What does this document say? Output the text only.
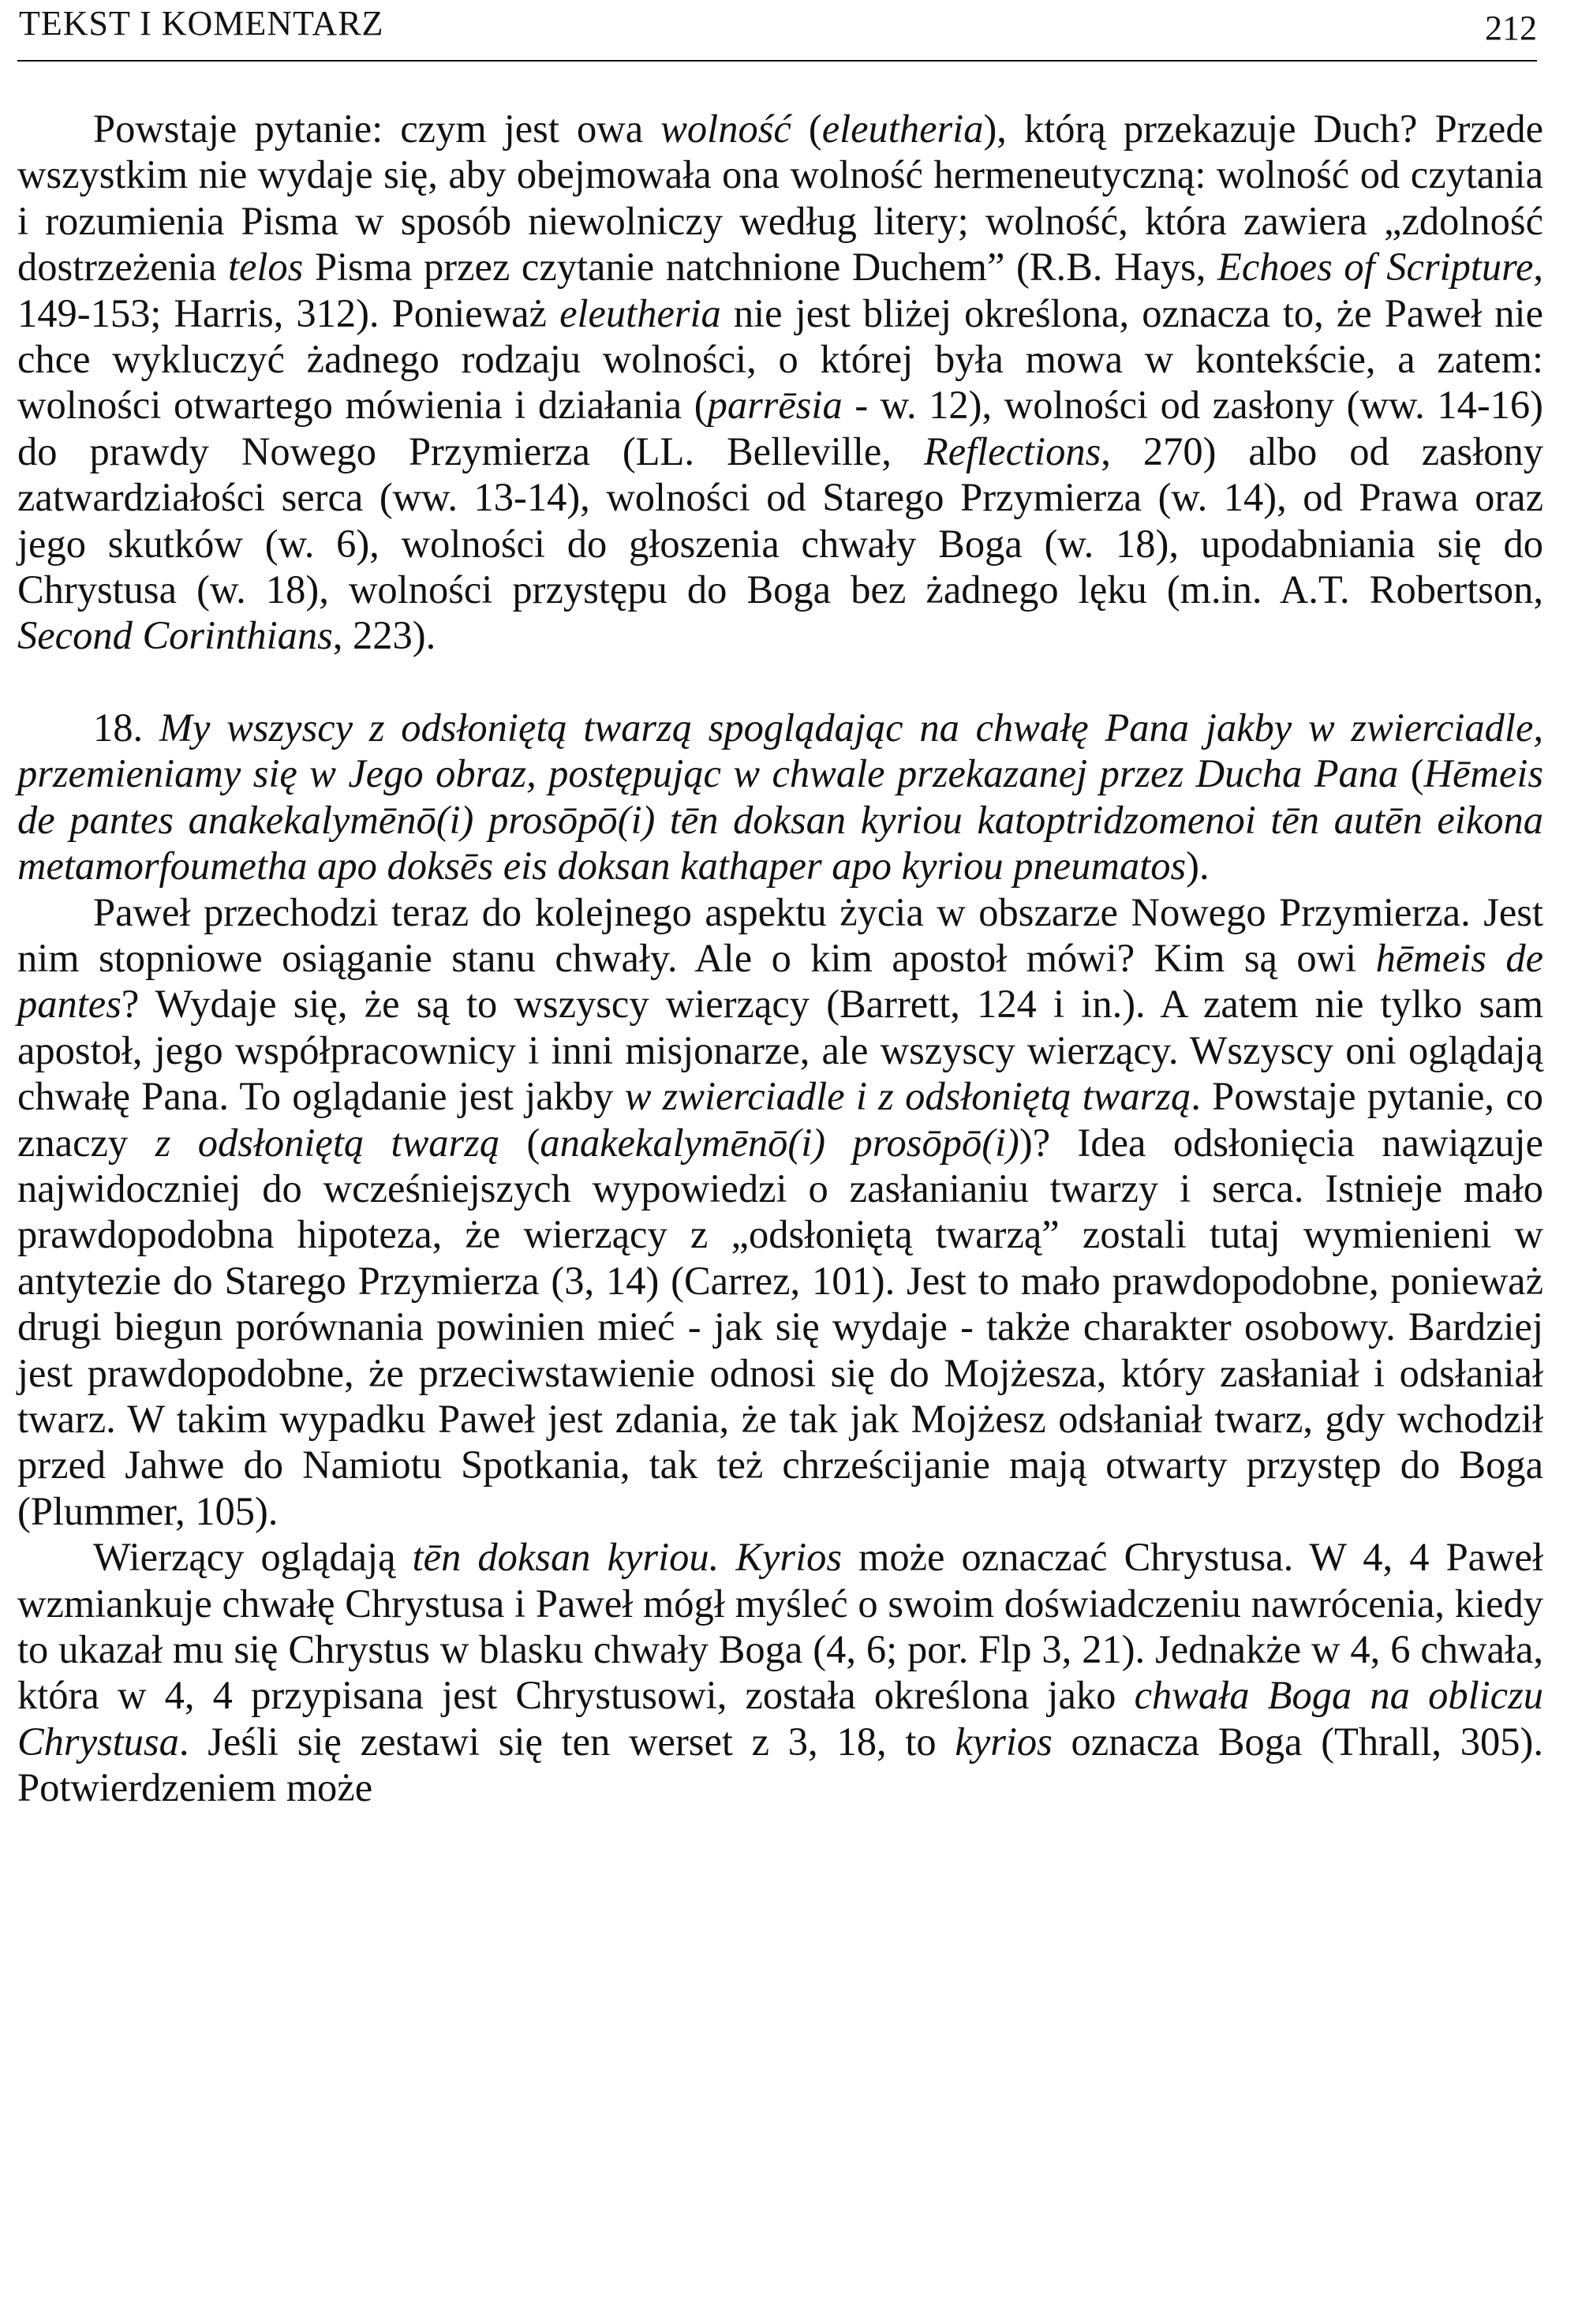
TEKST I KOMENTARZ	212

Powstaje pytanie: czym jest owa wolność (eleutheria), którą przekazuje Duch? Przede wszystkim nie wydaje się, aby obejmowała ona wolność hermeneutyczną: wolność od czytania i rozumienia Pisma w sposób niewolniczy według litery; wolność, która zawiera „zdolność dostrzeżenia telos Pisma przez czytanie natchnione Duchem” (R.B. Hays, Echoes of Scripture, 149-153; Harris, 312). Ponieważ eleutheria nie jest bliżej określona, oznacza to, że Paweł nie chce wykluczyć żadnego rodzaju wolności, o której była mowa w kontekście, a zatem: wolności otwartego mówienia i działania (parrēsia - w. 12), wolności od zasłony (ww. 14-16) do prawdy Nowego Przymierza (LL. Belleville, Reflections, 270) albo od zasłony zatwardziałości serca (ww. 13-14), wolności od Starego Przymierza (w. 14), od Prawa oraz jego skutków (w. 6), wolności do głoszenia chwały Boga (w. 18), upodabniania się do Chrystusa (w. 18), wolności przystępu do Boga bez żadnego lęku (m.in. A.T. Robertson, Second Corinthians, 223).

18. My wszyscy z odsłoniętą twarzą spoglądając na chwałę Pana jakby w zwierciadle, przemieniamy się w Jego obraz, postępując w chwale przekazanej przez Ducha Pana (Hēmeis de pantes anakekalymēnō(i) prosōpō(i) tēn doksan kyriou katoptridzomenoi tēn autēn eikona metamorfoumetha apo doksēs eis doksan kathaper apo kyriou pneumatos).

Paweł przechodzi teraz do kolejnego aspektu życia w obszarze Nowego Przymierza. Jest nim stopniowe osiąganie stanu chwały. Ale o kim apostoł mówi? Kim są owi hēmeis de pantes? Wydaje się, że są to wszyscy wierzący (Barrett, 124 i in.). A zatem nie tylko sam apostoł, jego współpracownicy i inni misjonarze, ale wszyscy wierzący. Wszyscy oni oglądają chwałę Pana. To oglądanie jest jakby w zwierciadle i z odsłoniętą twarzą. Powstaje pytanie, co znaczy z odsłoniętą twarzą (anakekalymēnō(i) prosōpō(i))? Idea odsłonięcia nawiązuje najwidoczniej do wcześniejszych wypowiedzi o zasłanianiu twarzy i serca. Istnieje mało prawdopodobna hipoteza, że wierzący z „odsłoniętą twarzą” zostali tutaj wymienieni w antytezie do Starego Przymierza (3, 14) (Carrez, 101). Jest to mało prawdopodobne, ponieważ drugi biegun porównania powinien mieć - jak się wydaje - także charakter osobowy. Bardziej jest prawdopodobne, że przeciwstawienie odnosi się do Mojżesza, który zasłaniał i odsłaniał twarz. W takim wypadku Paweł jest zdania, że tak jak Mojżesz odsłaniał twarz, gdy wchodził przed Jahwe do Namiotu Spotkania, tak też chrześcijanie mają otwarty przystęp do Boga (Plummer, 105).

Wierzący oglądają tēn doksan kyriou. Kyrios może oznaczać Chrystusa. W 4, 4 Paweł wzmiankuje chwałę Chrystusa i Paweł mógł myśleć o swoim doświadczeniu nawrócenia, kiedy to ukazał mu się Chrystus w blasku chwały Boga (4, 6; por. Flp 3, 21). Jednakże w 4, 6 chwała, która w 4, 4 przypisana jest Chrystusowi, została określona jako chwała Boga na obliczu Chrystusa. Jeśli się zestawi się ten werset z 3, 18, to kyrios oznacza Boga (Thrall, 305). Potwierdzeniem może
